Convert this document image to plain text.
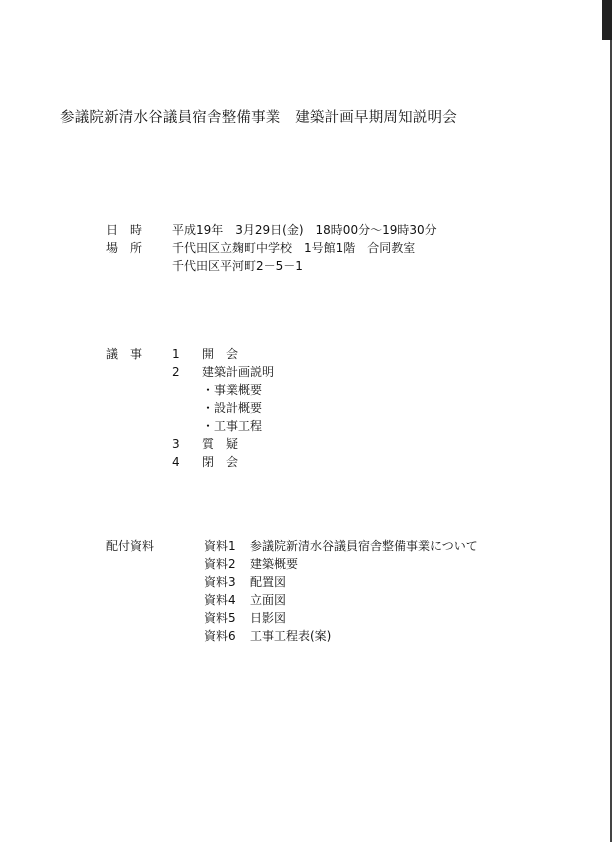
参議院新清水谷議員宿舎整備事業　建築計画早期周知説明会
日　時 平成19年　3月29日(金)　18時00分～19時30分
場　所 千代田区立麹町中学校　1号館1階　合同教室
千代田区平河町2－5－1
議　事 1 開　会
2 建築計画説明
・事業概要
・設計概要
・工事工程
3 質　疑
4 閉　会
配付資料	資料1 参議院新清水谷議員宿舎整備事業について
資料2 建築概要
資料3 配置図
資料4 立面図
資料5 日影図
資料6 工事工程表(案)
